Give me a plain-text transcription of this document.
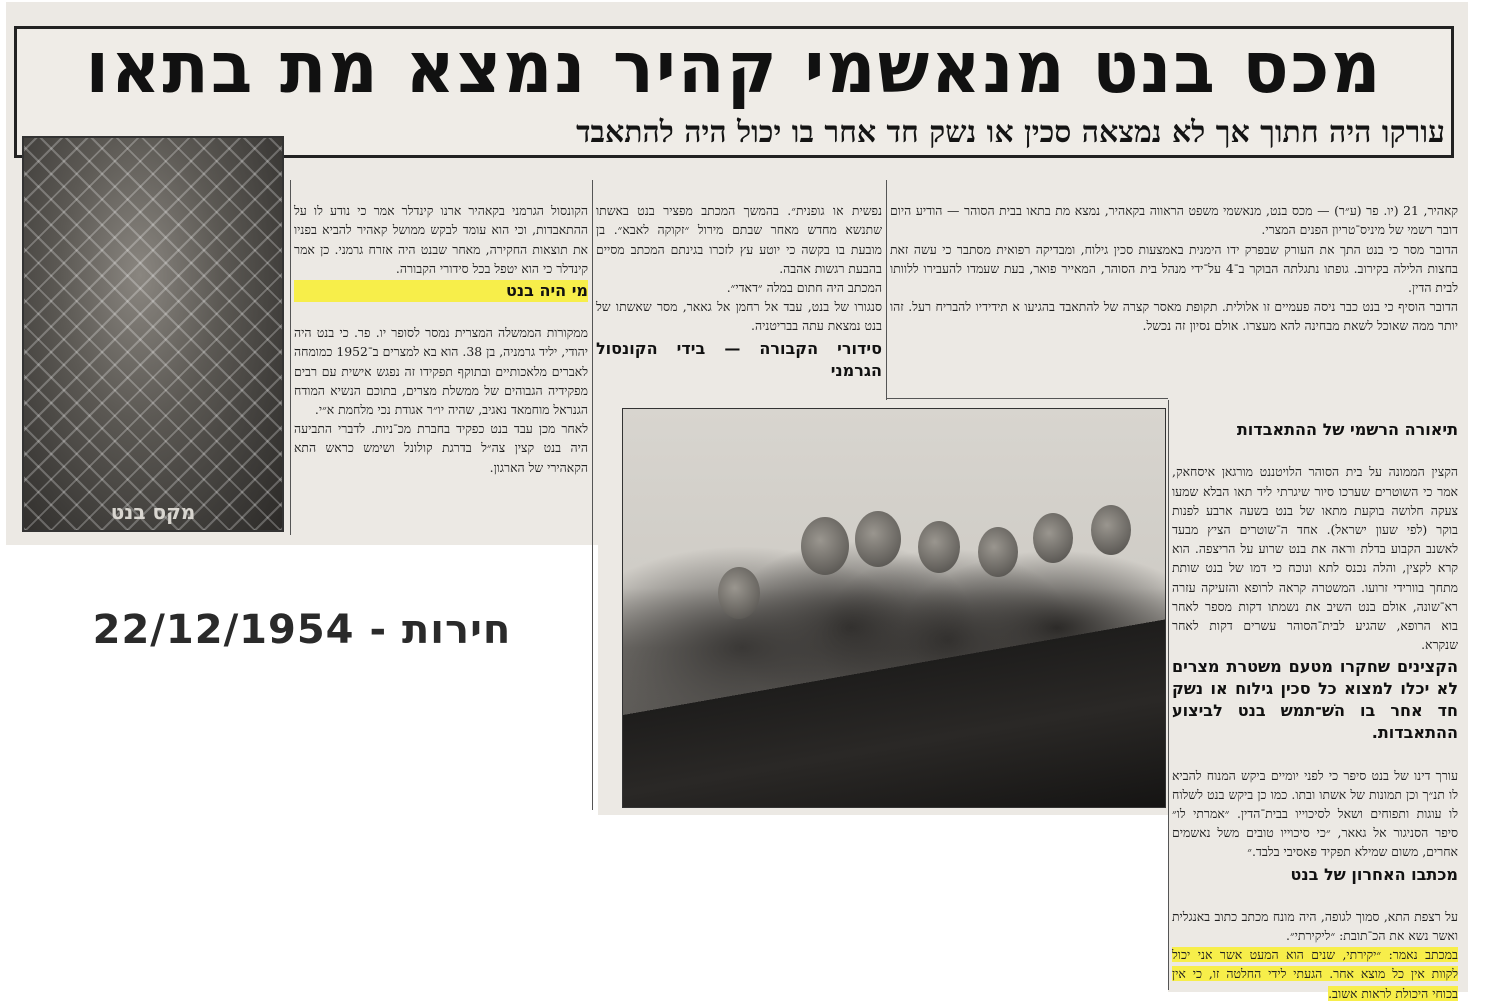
מכס בנט מנאשמי קהיר נמצא מת בתאו
עורקו היה חתוך אך לא נמצאה סכין או נשק חד אחר בו יכול היה להתאבד
מקס בנט

קאהיר, 21 (יו. פר (ע״ר) — מכס בנט, מנאשמי משפט הראווה בקאהיר, נמצא מת בתאו בבית הסוהר — הודיע היום דובר רשמי של מיניס־טריון הפנים המצרי.
הדובר מסר כי בנט התך את העורק שבפרק ידו הימנית באמצעות סכין גילוח, ומבדיקה רפואית מסתבר כי עשה זאת בחצות הלילה בקירוב. גופתו נתגלתה הבוקר ב־4 על־ידי מנהל בית הסוהר, המאייר פואר, בעת שעמדו להעבירו ללוותו לבית הדין.
הדובר הוסיף כי בנט כבר ניסה פעמיים זו אלולית. תקופת מאסר קצרה של להתאבד בהגיעו א תידידיו להבריח רעל. זהו יותר ממה שאוכל לשאת מבחינה להא מעצרו. אולם נסיון זה נכשל.

תיאורה הרשמי של ההתאבדות

הקצין הממונה על בית הסוהר הלויטננט מורגאן איסחאק, אמר כי השוטרים שערכו סיור שיגרתי ליד תאו הבלא שמעו צעקה חלושה בוקעת מתאו של בנט בשעה ארבע לפנות בוקר (לפי שעון ישראל). אחד ה־שוטרים הציץ מבעד לאשנב הקבוע בדלת וראה את בנט שרוע על הריצפה. הוא קרא לקצין, והלה נכנס לתא ונוכח כי דמו של בנט שותת מתחך בוורידי זרועו. המשטרה קראה לרופא והזעיקה עזרה רא־שונה, אולם בנט השיב את נשמתו דקות מספר לאחר בוא הרופא, שהגיע לבית־הסוהר עשרים דקות לאחר שנקרא.

הקצינים שחקרו מטעם משטרת מצרים לא יכלו למצוא כל סכין גילוח או נשק חד אחר בו השׁ־תמש בנט לביצוע ההתאבדות.

עורך דינו של בנט סיפר כי לפני יומיים ביקש המנוח להביא לו תנ״ך וכן תמונות של אשתו ובתו. כמו כן ביקש בנט לשלוח לו עוגות ותפוחים ושאל לסיכוייו בבית־הדין. ״אמרתי לו״ סיפר הסניגור אל גאאר, ״כי סיכוייו טובים משל נאשמים אחרים, משום שמילא תפקיד פאסיבי בלבד.״

מכתבו האחרון של בנט

על רצפת התא, סמוך לגופה, היה מונח מכתב כתוב באנגלית ואשר נשא את הכ־תובת: ״ליקירתי״.
במכתב נאמר: ״יקירתי, שנים הוא המעט אשר אני יכול לקוות אין כל מוצא אחר. הגעתי לידי החלטה זו, כי אין בכוחי היכולת לראות אשוב.

נפשית או גופנית״. בהמשך המכתב מפציר בנט באשתו שתנשא מחדש מאחר שבתם מירול ״זקוקה לאבא״. בן מובעת בו בקשה כי יוטע עץ לזכרו בגינתם המכתב מסיים בהבעת רגשות אהבה.
המכתב היה חתום במלה ״דאדי״.
סנגורו של בנט, עבד אל רחמן אל גאאר, מסר שאשתו של בנט נמצאת עתה בבריטניה.

סידורי הקבורה — בידי הקונסול הגרמני

הקונסול הגרמני בקאהיר ארנו קינדלר אמר כי נודע לו על ההתאבדות, וכי הוא עומד לבקש ממושל קאהיר להביא בפניו את תוצאות החקירה, מאחר שבנט היה אזרח גרמני. כן אמר קינדלר כי הוא יטפל בכל סידורי הקבורה.

מי היה בנט

ממקורות הממשלה המצרית נמסר לסופר יו. פר. כי בנט היה יהודי, יליד גרמניה, בן 38. הוא בא למצרים ב־1952 כמומחה לאברים מלאכותיים ובתוקף תפקידו זה נפגש אישית עם רבים מפקידיה הגבוהים של ממשלת מצרים, בתוכם הנשיא המודח הגנראל מוחמאד נאגיב, שהיה יו״ר אגודת נכי מלחמת א״י.
לאחר מכן עבד בנט כפקיד בחברת מכ־ניות. לדברי התביעה היה בנט קצין צה״ל בדרגת קולונל ושימש כראש התא הקאהירי של הארגון.

חירות - 22/12/1954
